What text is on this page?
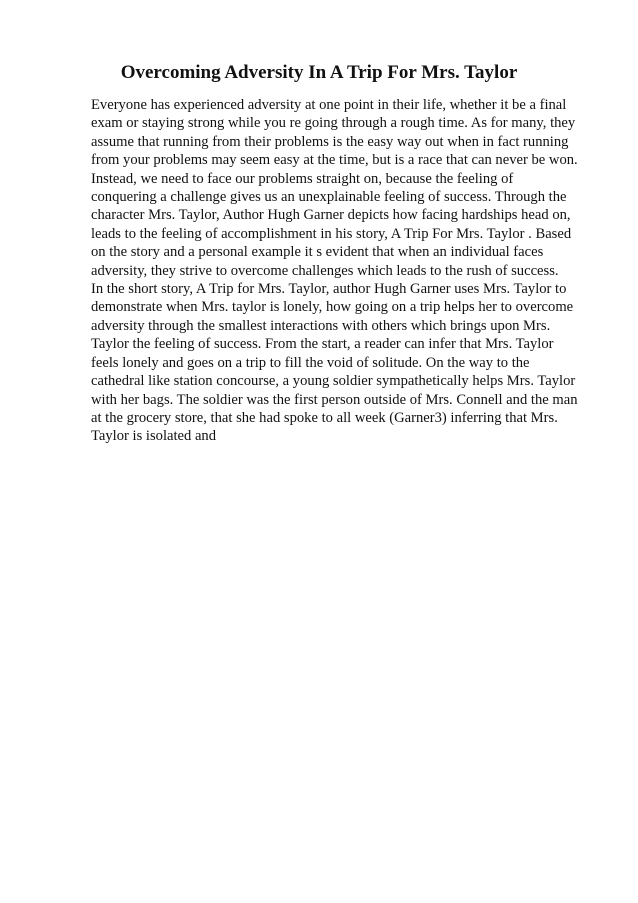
Overcoming Adversity In A Trip For Mrs. Taylor
Everyone has experienced adversity at one point in their life, whether it be a final
exam or staying strong while you re going through a rough time. As for many, they
assume that running from their problems is the easy way out when in fact running
from your problems may seem easy at the time, but is a race that can never be won.
Instead, we need to face our problems straight on, because the feeling of
conquering a challenge gives us an unexplainable feeling of success. Through the
character Mrs. Taylor, Author Hugh Garner depicts how facing hardships head on,
leads to the feeling of accomplishment in his story, A Trip For Mrs. Taylor . Based
on the story and a personal example it s evident that when an individual faces
adversity, they strive to overcome challenges which leads to the rush of success.
In the short story, A Trip for Mrs. Taylor, author Hugh Garner uses Mrs. Taylor to
demonstrate when Mrs. taylor is lonely, how going on a trip helps her to overcome
adversity through the smallest interactions with others which brings upon Mrs.
Taylor the feeling of success. From the start, a reader can infer that Mrs. Taylor
feels lonely and goes on a trip to fill the void of solitude. On the way to the
cathedral like station concourse, a young soldier sympathetically helps Mrs. Taylor
with her bags. The soldier was the first person outside of Mrs. Connell and the man
at the grocery store, that she had spoke to all week (Garner3) inferring that Mrs.
Taylor is isolated and
